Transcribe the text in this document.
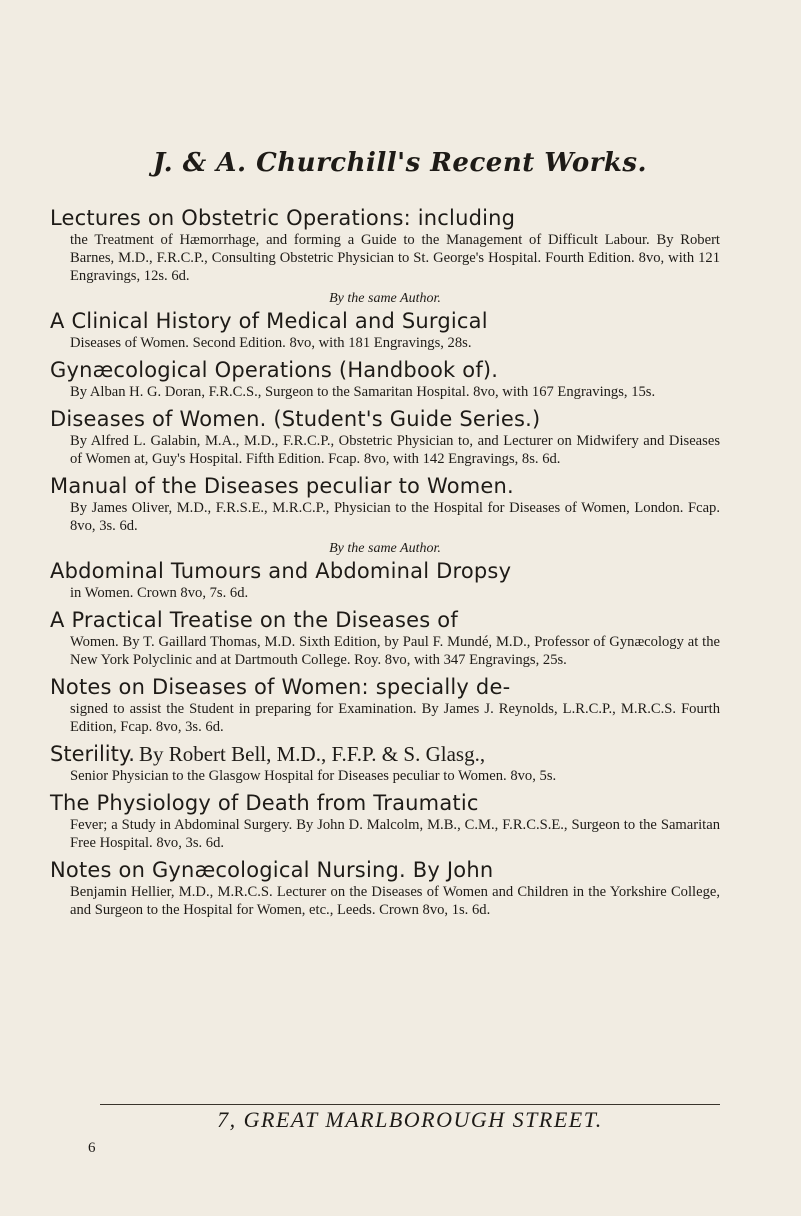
J. & A. Churchill's Recent Works.
Lectures on Obstetric Operations: including
the Treatment of Hæmorrhage, and forming a Guide to the Management of Difficult Labour. By Robert Barnes, M.D., F.R.C.P., Consulting Obstetric Physician to St. George's Hospital. Fourth Edition. 8vo, with 121 Engravings, 12s. 6d.
By the same Author.
A Clinical History of Medical and Surgical
Diseases of Women. Second Edition. 8vo, with 181 Engravings, 28s.
Gynæcological Operations (Handbook of).
By Alban H. G. Doran, F.R.C.S., Surgeon to the Samaritan Hospital. 8vo, with 167 Engravings, 15s.
Diseases of Women. (Student's Guide Series.)
By Alfred L. Galabin, M.A., M.D., F.R.C.P., Obstetric Physician to, and Lecturer on Midwifery and Diseases of Women at, Guy's Hospital. Fifth Edition. Fcap. 8vo, with 142 Engravings, 8s. 6d.
Manual of the Diseases peculiar to Women.
By James Oliver, M.D., F.R.S.E., M.R.C.P., Physician to the Hospital for Diseases of Women, London. Fcap. 8vo, 3s. 6d.
By the same Author.
Abdominal Tumours and Abdominal Dropsy
in Women. Crown 8vo, 7s. 6d.
A Practical Treatise on the Diseases of
Women. By T. Gaillard Thomas, M.D. Sixth Edition, by Paul F. Mundé, M.D., Professor of Gynæcology at the New York Polyclinic and at Dartmouth College. Roy. 8vo, with 347 Engravings, 25s.
Notes on Diseases of Women: specially de-
signed to assist the Student in preparing for Examination. By James J. Reynolds, L.R.C.P., M.R.C.S. Fourth Edition, Fcap. 8vo, 3s. 6d.
Sterility. By Robert Bell, M.D., F.F.P. & S. Glasg.,
Senior Physician to the Glasgow Hospital for Diseases peculiar to Women. 8vo, 5s.
The Physiology of Death from Traumatic
Fever; a Study in Abdominal Surgery. By John D. Malcolm, M.B., C.M., F.R.C.S.E., Surgeon to the Samaritan Free Hospital. 8vo, 3s. 6d.
Notes on Gynæcological Nursing. By John
Benjamin Hellier, M.D., M.R.C.S. Lecturer on the Diseases of Women and Children in the Yorkshire College, and Surgeon to the Hospital for Women, etc., Leeds. Crown 8vo, 1s. 6d.
7, GREAT MARLBOROUGH STREET.
6
